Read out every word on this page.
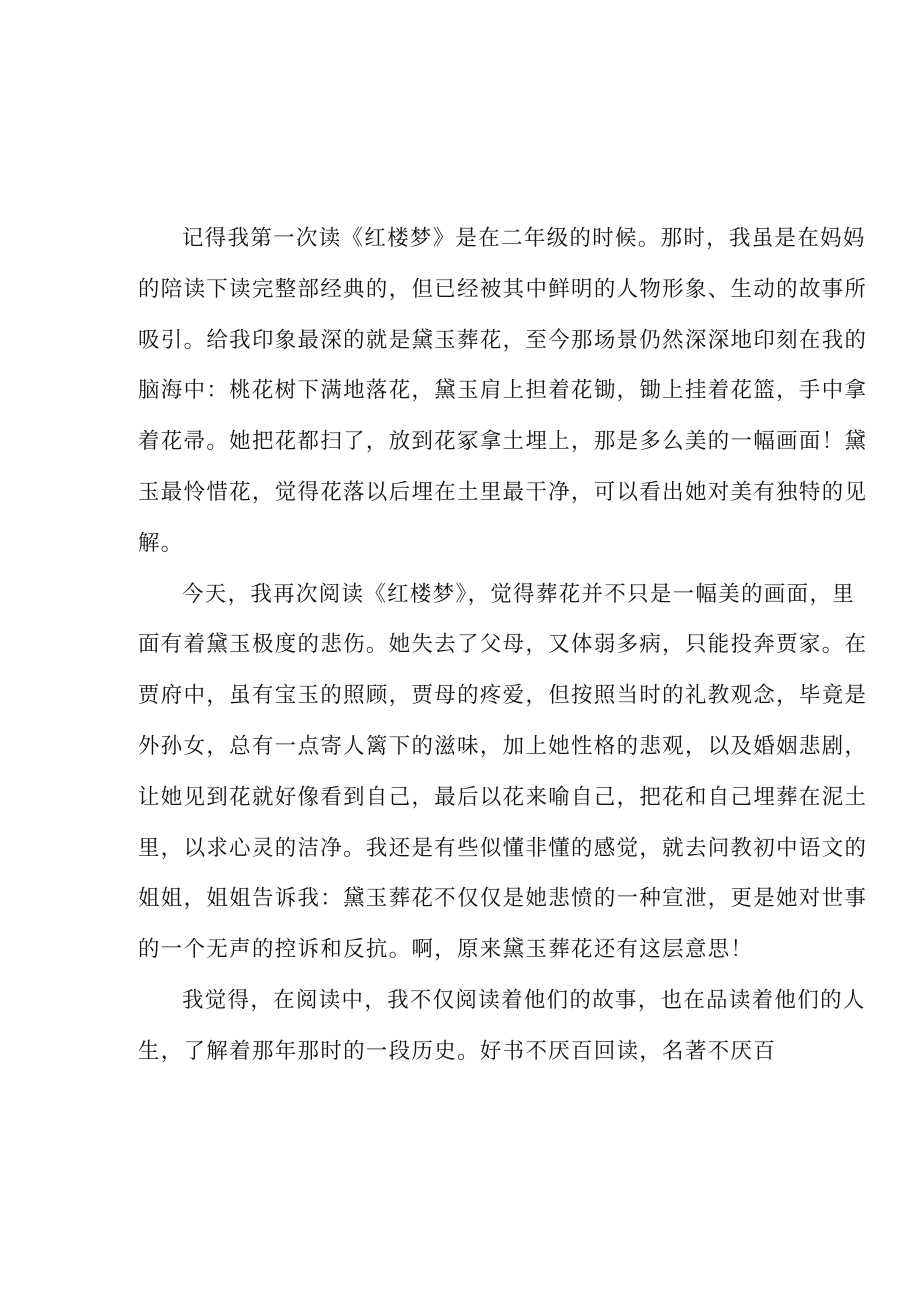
记得我第一次读《红楼梦》是在二年级的时候。那时，我虽是在妈妈
的陪读下读完整部经典的，但已经被其中鲜明的人物形象、生动的故事所
吸引。给我印象最深的就是黛玉葬花，至今那场景仍然深深地印刻在我的
脑海中：桃花树下满地落花，黛玉肩上担着花锄，锄上挂着花篮，手中拿
着花帚。她把花都扫了，放到花冢拿土埋上，那是多么美的一幅画面！黛
玉最怜惜花，觉得花落以后埋在土里最干净，可以看出她对美有独特的见
解。
今天，我再次阅读《红楼梦》，觉得葬花并不只是一幅美的画面，里
面有着黛玉极度的悲伤。她失去了父母，又体弱多病，只能投奔贾家。在
贾府中，虽有宝玉的照顾，贾母的疼爱，但按照当时的礼教观念，毕竟是
外孙女，总有一点寄人篱下的滋味，加上她性格的悲观，以及婚姻悲剧，
让她见到花就好像看到自己，最后以花来喻自己，把花和自己埋葬在泥土
里，以求心灵的洁净。我还是有些似懂非懂的感觉，就去问教初中语文的
姐姐，姐姐告诉我：黛玉葬花不仅仅是她悲愤的一种宣泄，更是她对世事
的一个无声的控诉和反抗。啊，原来黛玉葬花还有这层意思！
我觉得，在阅读中，我不仅阅读着他们的故事，也在品读着他们的人
生，了解着那年那时的一段历史。好书不厌百回读，名著不厌百
